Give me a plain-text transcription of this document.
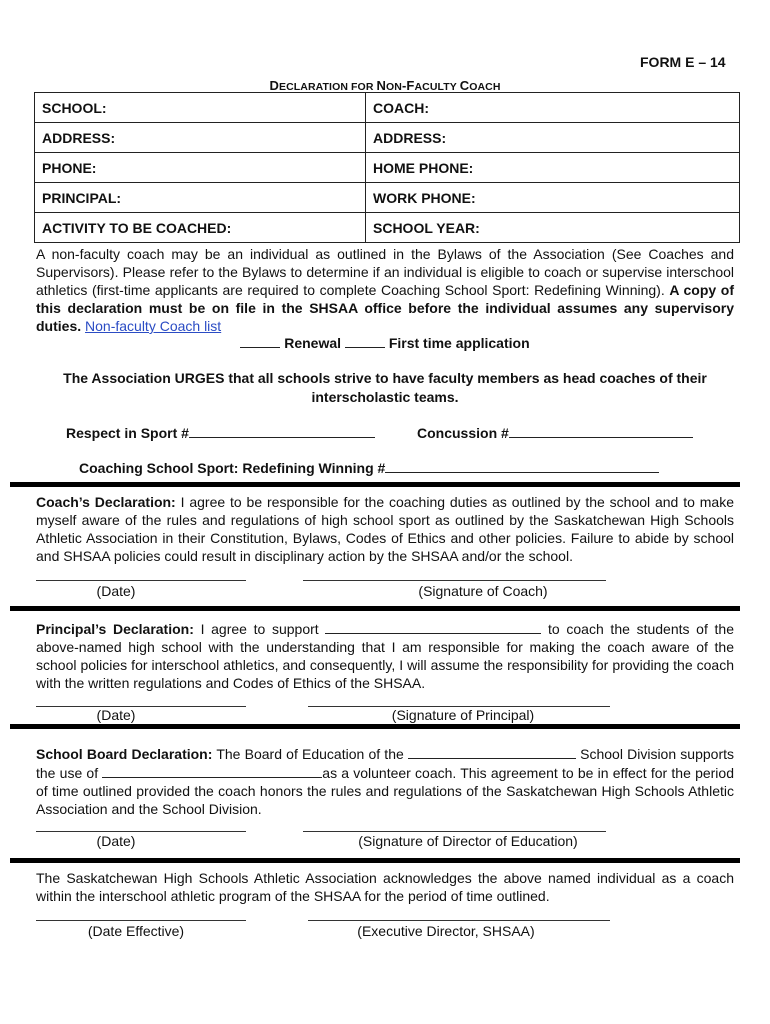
FORM E – 14
DECLARATION FOR NON-FACULTY COACH
SCHOOL:	COACH:
ADDRESS:	ADDRESS:
PHONE:	HOME PHONE:
PRINCIPAL:	WORK PHONE:
ACTIVITY TO BE COACHED:	SCHOOL YEAR:
A non-faculty coach may be an individual as outlined in the Bylaws of the Association (See Coaches and Supervisors). Please refer to the Bylaws to determine if an individual is eligible to coach or supervise interschool athletics (first-time applicants are required to complete Coaching School Sport: Redefining Winning). A copy of this declaration must be on file in the SHSAA office before the individual assumes any supervisory duties. Non-faculty Coach list
Renewal	First time application
The Association URGES that all schools strive to have faculty members as head coaches of their interscholastic teams.
Respect in Sport #	Concussion #
Coaching School Sport: Redefining Winning #
Coach’s Declaration: I agree to be responsible for the coaching duties as outlined by the school and to make myself aware of the rules and regulations of high school sport as outlined by the Saskatchewan High Schools Athletic Association in their Constitution, Bylaws, Codes of Ethics and other policies. Failure to abide by school and SHSAA policies could result in disciplinary action by the SHSAA and/or the school.
(Date)	(Signature of Coach)
Principal’s Declaration: I agree to support	to coach the students of the above-named high school with the understanding that I am responsible for making the coach aware of the school policies for interschool athletics, and consequently, I will assume the responsibility for providing the coach with the written regulations and Codes of Ethics of the SHSAA.
(Date)	(Signature of Principal)
School Board Declaration: The Board of Education of the	School Division supports the use of	as a volunteer coach. This agreement to be in effect for the period of time outlined provided the coach honors the rules and regulations of the Saskatchewan High Schools Athletic Association and the School Division.
(Date)	(Signature of Director of Education)
The Saskatchewan High Schools Athletic Association acknowledges the above named individual as a coach within the interschool athletic program of the SHSAA for the period of time outlined.
(Date Effective)	(Executive Director, SHSAA)
